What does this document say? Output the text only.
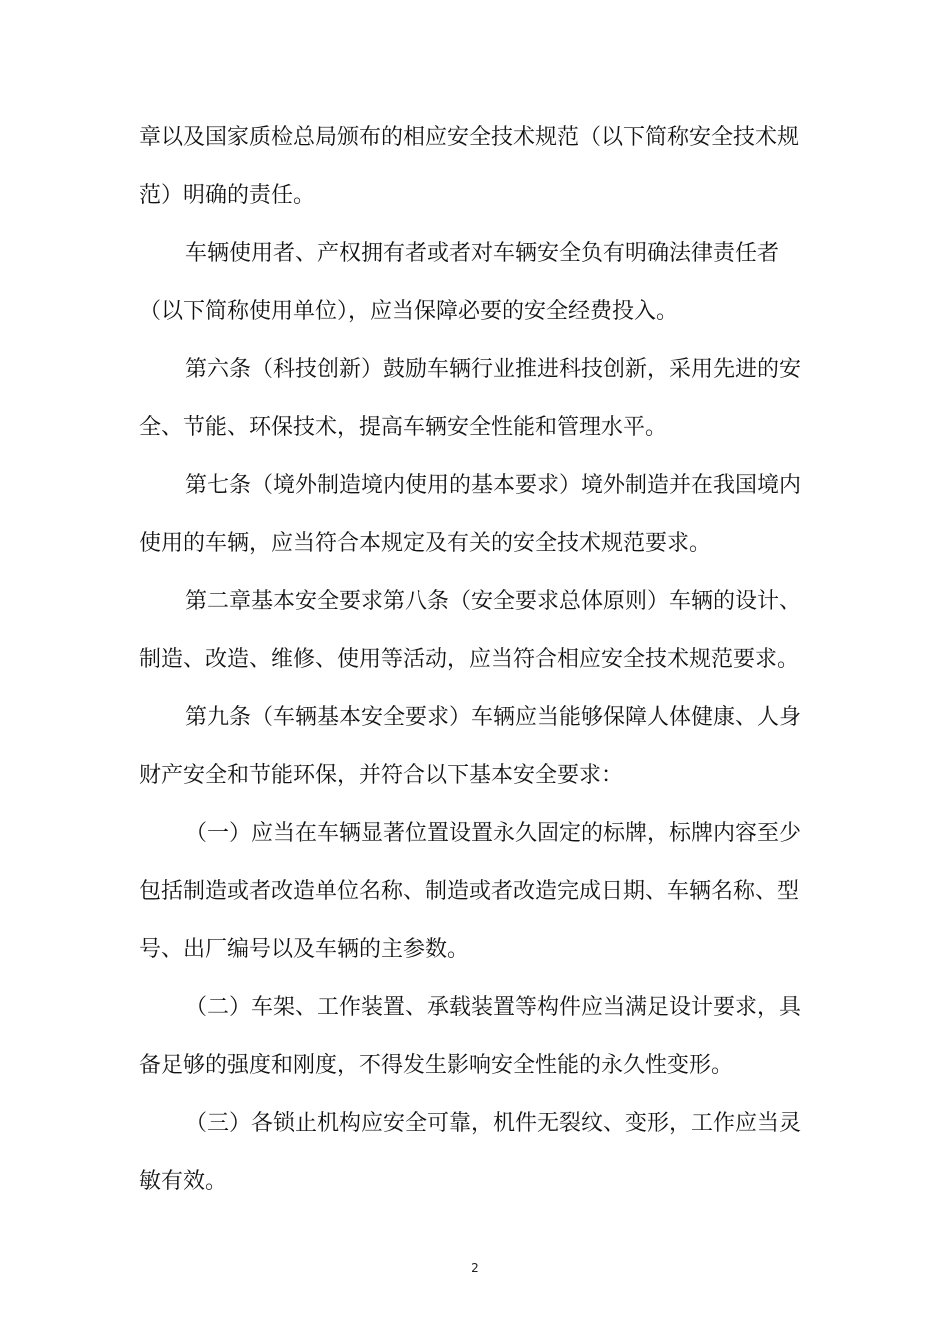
章以及国家质检总局颁布的相应安全技术规范（以下简称安全技术规
范）明确的责任。
车辆使用者、产权拥有者或者对车辆安全负有明确法律责任者
（以下简称使用单位），应当保障必要的安全经费投入。
第六条（科技创新）鼓励车辆行业推进科技创新，采用先进的安
全、节能、环保技术，提高车辆安全性能和管理水平。
第七条（境外制造境内使用的基本要求）境外制造并在我国境内
使用的车辆，应当符合本规定及有关的安全技术规范要求。
第二章基本安全要求第八条（安全要求总体原则）车辆的设计、
制造、改造、维修、使用等活动，应当符合相应安全技术规范要求。
第九条（车辆基本安全要求）车辆应当能够保障人体健康、人身
财产安全和节能环保，并符合以下基本安全要求：
（一）应当在车辆显著位置设置永久固定的标牌，标牌内容至少
包括制造或者改造单位名称、制造或者改造完成日期、车辆名称、型
号、出厂编号以及车辆的主参数。
（二）车架、工作装置、承载装置等构件应当满足设计要求，具
备足够的强度和刚度，不得发生影响安全性能的永久性变形。
（三）各锁止机构应安全可靠，机件无裂纹、变形，工作应当灵
敏有效。
2
